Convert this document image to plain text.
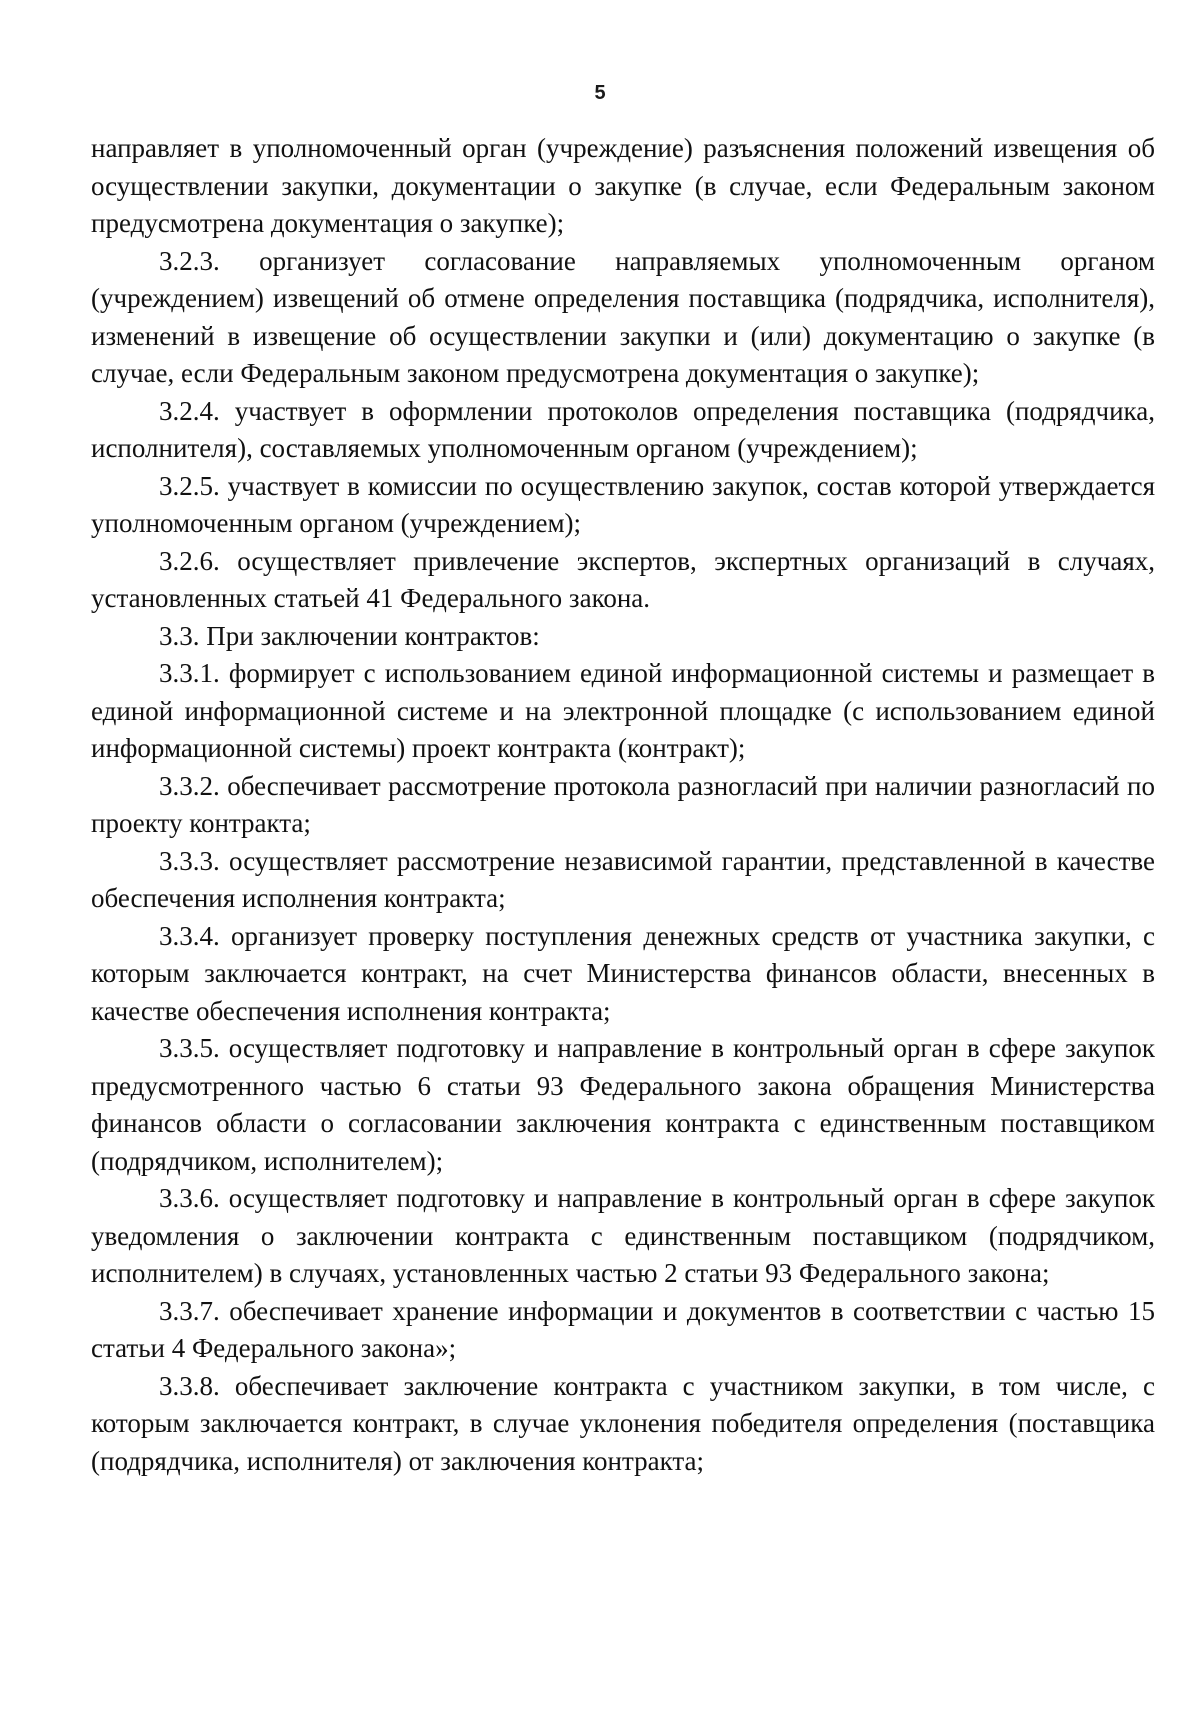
5

направляет в уполномоченный орган (учреждение) разъяснения положений извещения об осуществлении закупки, документации о закупке (в случае, если Федеральным законом предусмотрена документация о закупке);

3.2.3. организует согласование направляемых уполномоченным органом (учреждением) извещений об отмене определения поставщика (подрядчика, исполнителя), изменений в извещение об осуществлении закупки и (или) документацию о закупке (в случае, если Федеральным законом предусмотрена документация о закупке);

3.2.4. участвует в оформлении протоколов определения поставщика (подрядчика, исполнителя), составляемых уполномоченным органом (учреждением);

3.2.5. участвует в комиссии по осуществлению закупок, состав которой утверждается уполномоченным органом (учреждением);

3.2.6. осуществляет привлечение экспертов, экспертных организаций в случаях, установленных статьей 41 Федерального закона.

3.3. При заключении контрактов:

3.3.1. формирует с использованием единой информационной системы и размещает в единой информационной системе и на электронной площадке (с использованием единой информационной системы) проект контракта (контракт);

3.3.2. обеспечивает рассмотрение протокола разногласий при наличии разногласий по проекту контракта;

3.3.3. осуществляет рассмотрение независимой гарантии, представленной в качестве обеспечения исполнения контракта;

3.3.4. организует проверку поступления денежных средств от участника закупки, с которым заключается контракт, на счет Министерства финансов области, внесенных в качестве обеспечения исполнения контракта;

3.3.5. осуществляет подготовку и направление в контрольный орган в сфере закупок предусмотренного частью 6 статьи 93 Федерального закона обращения Министерства финансов области о согласовании заключения контракта с единственным поставщиком (подрядчиком, исполнителем);

3.3.6. осуществляет подготовку и направление в контрольный орган в сфере закупок уведомления о заключении контракта с единственным поставщиком (подрядчиком, исполнителем) в случаях, установленных частью 2 статьи 93 Федерального закона;

3.3.7. обеспечивает хранение информации и документов в соответствии с частью 15 статьи 4 Федерального закона»;

3.3.8. обеспечивает заключение контракта с участником закупки, в том числе, с которым заключается контракт, в случае уклонения победителя определения (поставщика (подрядчика, исполнителя) от заключения контракта;
